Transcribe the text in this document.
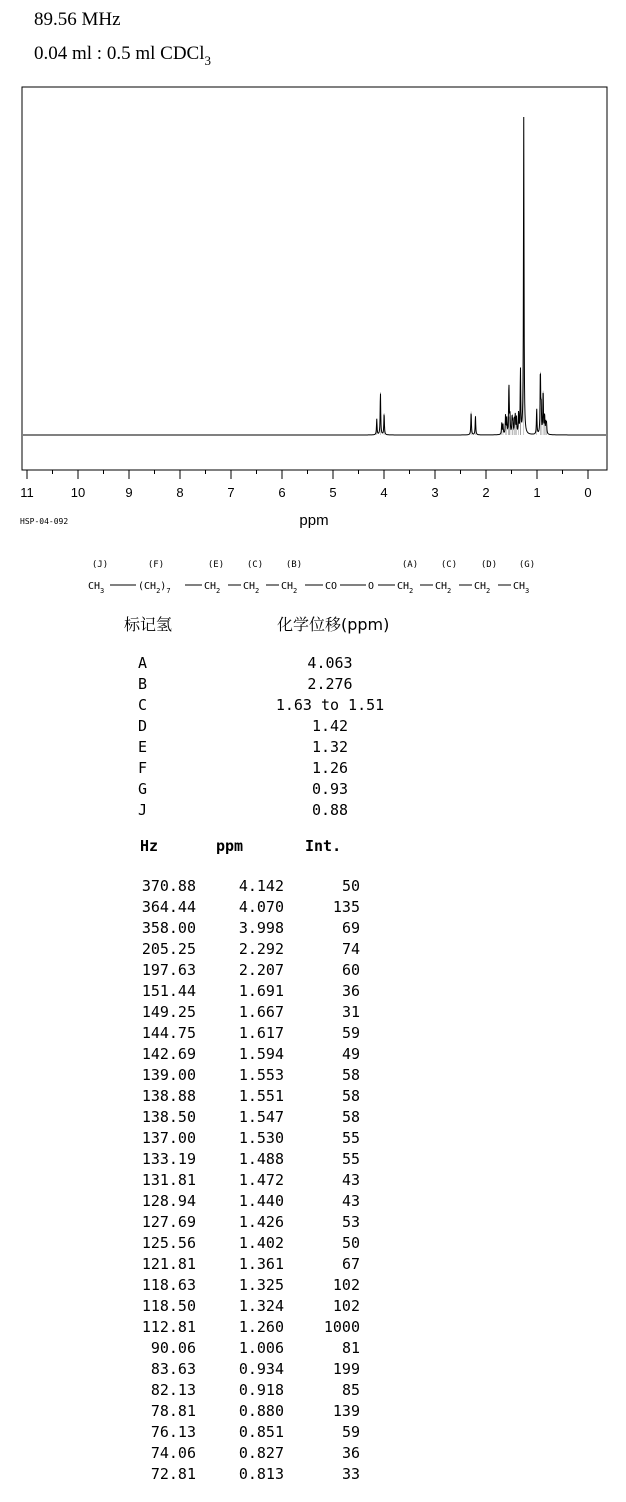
89.56 MHz
0.04 ml : 0.5 ml CDCl$_3$
11	10	9	8	7	6	5	4	3	2	1	0
ppm
HSP-04-092
(J)	(F)	(E)	(C)	(B)	(A)	(C)	(D) (G)
$CH_3$	$(CH_2)_7$	$CH_2$ $CH_2$ $CH_2$	CO	O $CH_2$ $CH_2$ $CH_2$ $CH_3$
标记氢	化学位移(ppm)
A	4.063
B	2.276
C	1.63 to 1.51
D	1.42
E	1.32
F	1.26
G	0.93
J	0.88
Hz	ppm	Int.
370.88	4.142	50
364.44	4.070	135
358.00	3.998	69
205.25	2.292	74
197.63	2.207	60
151.44	1.691	36
149.25	1.667	31
144.75	1.617	59
142.69	1.594	49
139.00	1.553	58
138.88	1.551	58
138.50	1.547	58
137.00	1.530	55
133.19	1.488	55
131.81	1.472	43
128.94	1.440	43
127.69	1.426	53
125.56	1.402	50
121.81	1.361	67
118.63	1.325	102
118.50	1.324	102
112.81	1.260	1000
90.06	1.006	81
83.63	0.934	199
82.13	0.918	85
78.81	0.880	139
76.13	0.851	59
74.06	0.827	36
72.81	0.813	33
